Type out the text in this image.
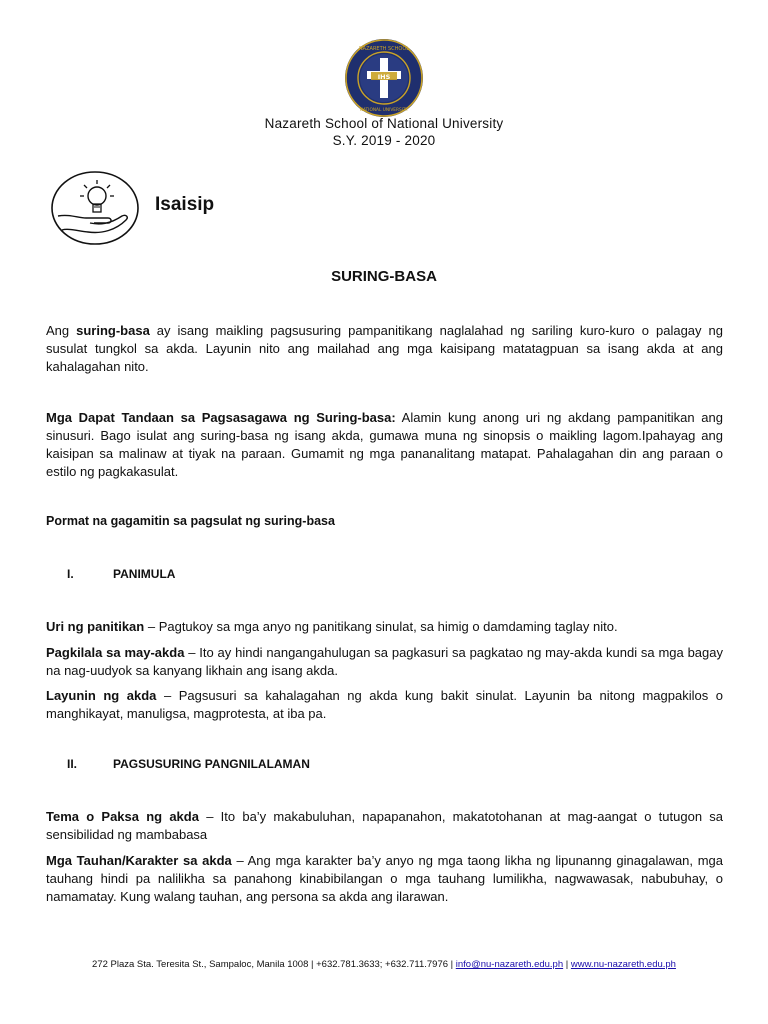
IHS
NAZARETH SCHOOL
NATIONAL UNIVERSITY
Nazareth School of National University
S.Y. 2019 - 2020
Isaisip
SURING-BASA

Ang suring-basa ay isang maikling pagsusuring pampanitikang naglalahad ng sariling kuro-kuro o palagay ng susulat tungkol sa akda. Layunin nito ang mailahad ang mga kaisipang matatagpuan sa isang akda at ang kahalagahan nito.

Mga Dapat Tandaan sa Pagsasagawa ng Suring-basa: Alamin kung anong uri ng akdang pampanitikan ang sinusuri. Bago isulat ang suring-basa ng isang akda, gumawa muna ng sinopsis o maikling lagom.Ipahayag ang kaisipan sa malinaw at tiyak na paraan. Gumamit ng mga pananalitang matapat. Pahalagahan din ang paraan o estilo ng pagkakasulat.

Pormat na gagamitin sa pagsulat ng suring-basa
I.	PANIMULA

Uri ng panitikan – Pagtukoy sa mga anyo ng panitikang sinulat, sa himig o damdaming taglay nito.

Pagkilala sa may-akda – Ito ay hindi nangangahulugan sa pagkasuri sa pagkatao ng may-akda kundi sa mga bagay na nag-uudyok sa kanyang likhain ang isang akda.

Layunin ng akda – Pagsusuri sa kahalagahan ng akda kung bakit sinulat. Layunin ba nitong magpakilos o manghikayat, manuligsa, magprotesta, at iba pa.

II.	PAGSUSURING PANGNILALAMAN

Tema o Paksa ng akda – Ito ba’y makabuluhan, napapanahon, makatotohanan at mag-aangat o tutugon sa sensibilidad ng mambabasa

Mga Tauhan/Karakter sa akda – Ang mga karakter ba’y anyo ng mga taong likha ng lipunanng ginagalawan, mga tauhang hindi pa nalilikha sa panahong kinabibilangan o mga tauhang lumilikha, nagwawasak, nabubuhay, o namamatay. Kung walang tauhan, ang persona sa akda ang ilarawan.

272 Plaza Sta. Teresita St., Sampaloc, Manila 1008 | +632.781.3633; +632.711.7976 | info@nu-nazareth.edu.ph | www.nu-nazareth.edu.ph
